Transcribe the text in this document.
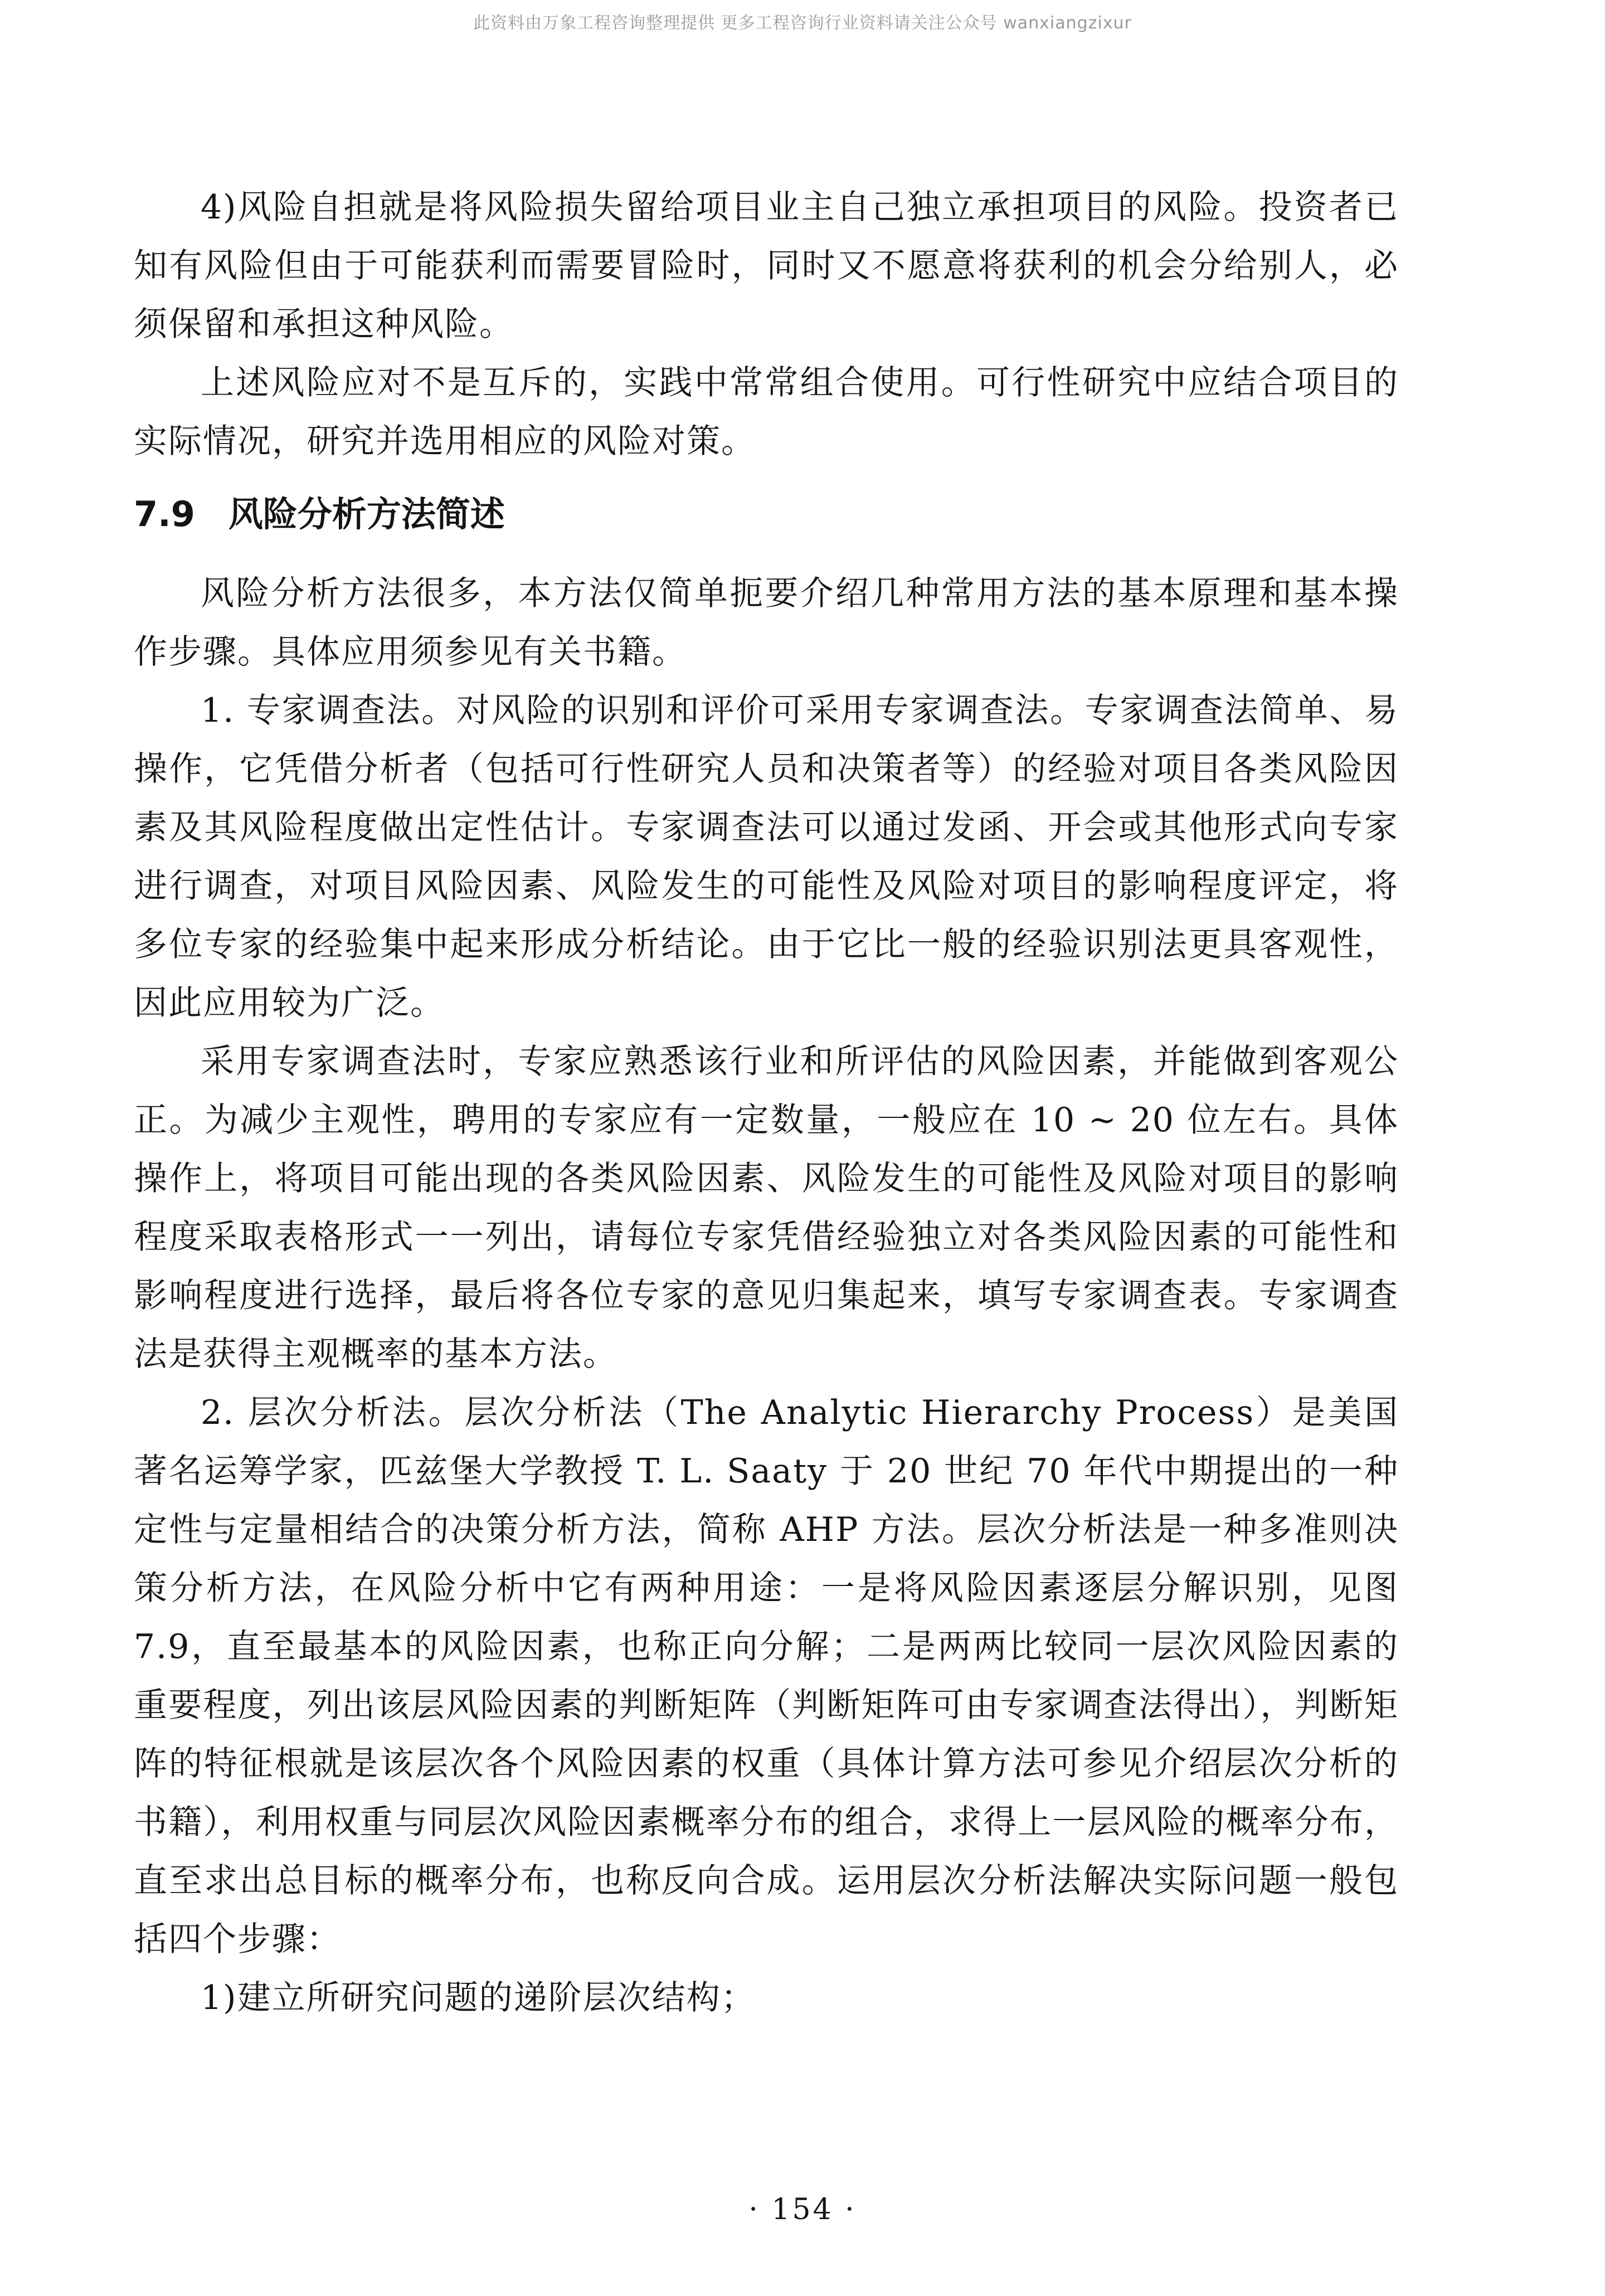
此资料由万象工程咨询整理提供 更多工程咨询行业资料请关注公众号 wanxiangzixur

4)风险自担就是将风险损失留给项目业主自己独立承担项目的风险。投资者已知有风险但由于可能获利而需要冒险时，同时又不愿意将获利的机会分给别人，必须保留和承担这种风险。

上述风险应对不是互斥的，实践中常常组合使用。可行性研究中应结合项目的实际情况，研究并选用相应的风险对策。

7.9 风险分析方法简述

风险分析方法很多，本方法仅简单扼要介绍几种常用方法的基本原理和基本操作步骤。具体应用须参见有关书籍。

1. 专家调查法。对风险的识别和评价可采用专家调查法。专家调查法简单、易操作，它凭借分析者（包括可行性研究人员和决策者等）的经验对项目各类风险因素及其风险程度做出定性估计。专家调查法可以通过发函、开会或其他形式向专家进行调查，对项目风险因素、风险发生的可能性及风险对项目的影响程度评定，将多位专家的经验集中起来形成分析结论。由于它比一般的经验识别法更具客观性，因此应用较为广泛。

采用专家调查法时，专家应熟悉该行业和所评估的风险因素，并能做到客观公正。为减少主观性，聘用的专家应有一定数量，一般应在 10 ~ 20 位左右。具体操作上，将项目可能出现的各类风险因素、风险发生的可能性及风险对项目的影响程度采取表格形式一一列出，请每位专家凭借经验独立对各类风险因素的可能性和影响程度进行选择，最后将各位专家的意见归集起来，填写专家调查表。专家调查法是获得主观概率的基本方法。

2. 层次分析法。层次分析法（The Analytic Hierarchy Process）是美国著名运筹学家，匹兹堡大学教授 T. L. Saaty 于 20 世纪 70 年代中期提出的一种定性与定量相结合的决策分析方法，简称 AHP 方法。层次分析法是一种多准则决策分析方法，在风险分析中它有两种用途：一是将风险因素逐层分解识别，见图 7.9，直至最基本的风险因素，也称正向分解；二是两两比较同一层次风险因素的重要程度，列出该层风险因素的判断矩阵（判断矩阵可由专家调查法得出），判断矩阵的特征根就是该层次各个风险因素的权重（具体计算方法可参见介绍层次分析的书籍），利用权重与同层次风险因素概率分布的组合，求得上一层风险的概率分布，直至求出总目标的概率分布，也称反向合成。运用层次分析法解决实际问题一般包括四个步骤：

1)建立所研究问题的递阶层次结构；

· 154 ·
